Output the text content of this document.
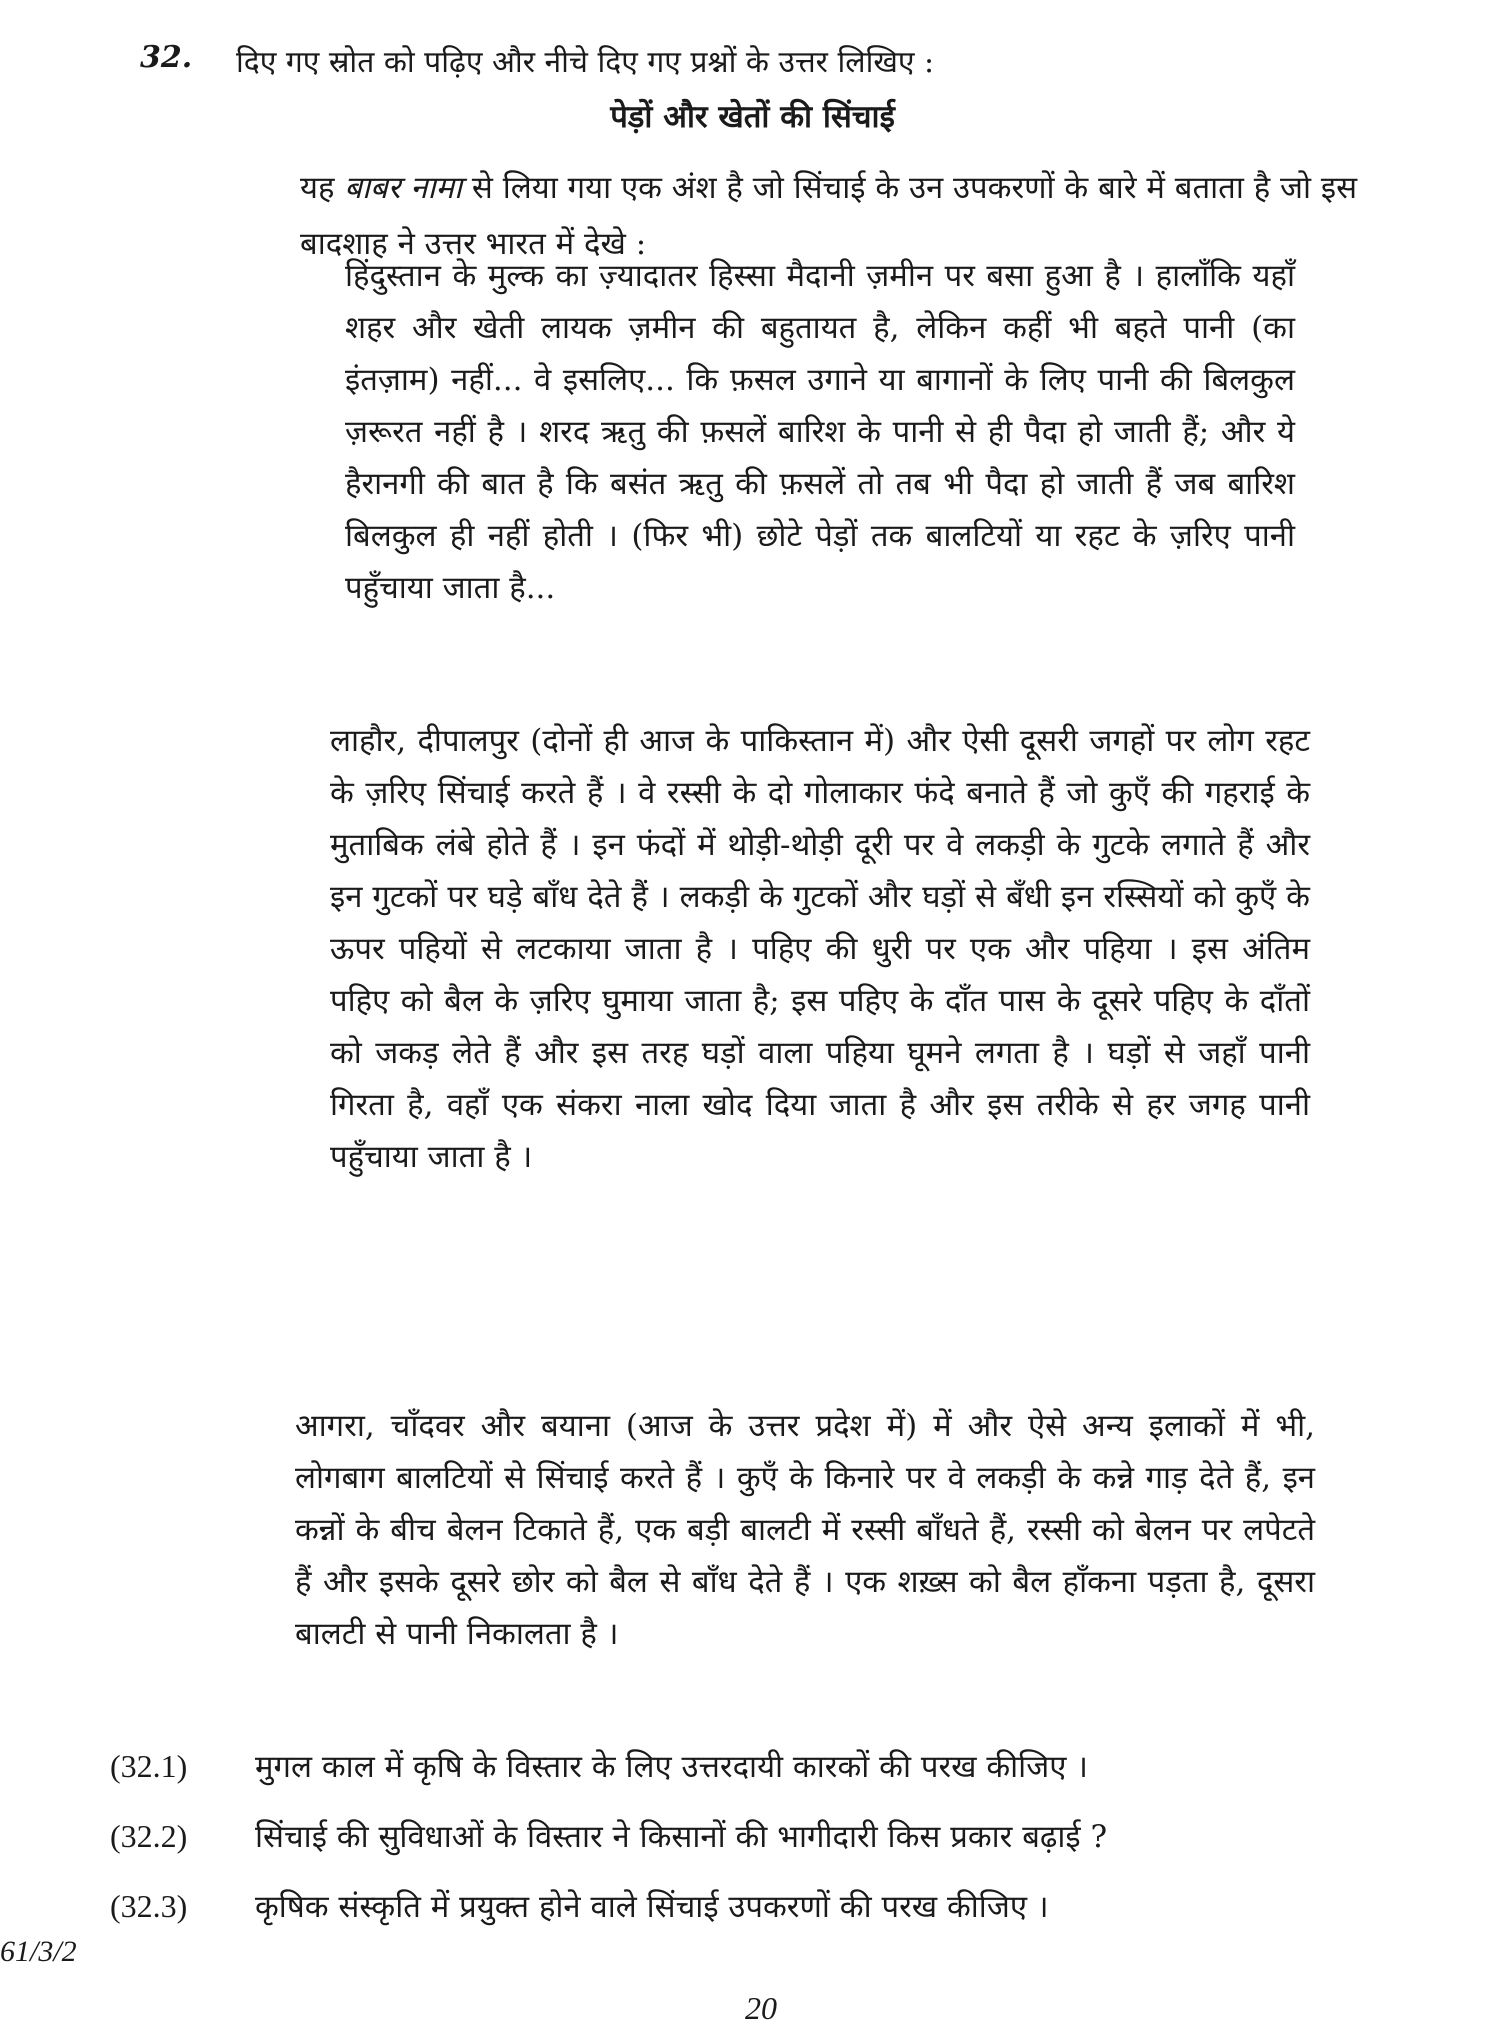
32. दिए गए स्रोत को पढ़िए और नीचे दिए गए प्रश्नों के उत्तर लिखिए :
पेड़ों और खेतों की सिंचाई
यह बाबर नामा से लिया गया एक अंश है जो सिंचाई के उन उपकरणों के बारे में बताता है जो इस बादशाह ने उत्तर भारत में देखे :
हिंदुस्तान के मुल्क का ज़्यादातर हिस्सा मैदानी ज़मीन पर बसा हुआ है । हालाँकि यहाँ शहर और खेती लायक ज़मीन की बहुतायत है, लेकिन कहीं भी बहते पानी (का इंतज़ाम) नहीं... वे इसलिए... कि फ़सल उगाने या बागानों के लिए पानी की बिलकुल ज़रूरत नहीं है । शरद ऋतु की फ़सलें बारिश के पानी से ही पैदा हो जाती हैं; और ये हैरानगी की बात है कि बसंत ऋतु की फ़सलें तो तब भी पैदा हो जाती हैं जब बारिश बिलकुल ही नहीं होती । (फिर भी) छोटे पेड़ों तक बालटियों या रहट के ज़रिए पानी पहुँचाया जाता है...
लाहौर, दीपालपुर (दोनों ही आज के पाकिस्तान में) और ऐसी दूसरी जगहों पर लोग रहट के ज़रिए सिंचाई करते हैं । वे रस्सी के दो गोलाकार फंदे बनाते हैं जो कुएँ की गहराई के मुताबिक लंबे होते हैं । इन फंदों में थोड़ी-थोड़ी दूरी पर वे लकड़ी के गुटके लगाते हैं और इन गुटकों पर घड़े बाँध देते हैं । लकड़ी के गुटकों और घड़ों से बँधी इन रस्सियों को कुएँ के ऊपर पहियों से लटकाया जाता है । पहिए की धुरी पर एक और पहिया । इस अंतिम पहिए को बैल के ज़रिए घुमाया जाता है; इस पहिए के दाँत पास के दूसरे पहिए के दाँतों को जकड़ लेते हैं और इस तरह घड़ों वाला पहिया घूमने लगता है । घड़ों से जहाँ पानी गिरता है, वहाँ एक संकरा नाला खोद दिया जाता है और इस तरीके से हर जगह पानी पहुँचाया जाता है ।
आगरा, चाँदवर और बयाना (आज के उत्तर प्रदेश में) में और ऐसे अन्य इलाकों में भी, लोगबाग बालटियों से सिंचाई करते हैं । कुएँ के किनारे पर वे लकड़ी के कन्ने गाड़ देते हैं, इन कन्नों के बीच बेलन टिकाते हैं, एक बड़ी बालटी में रस्सी बाँधते हैं, रस्सी को बेलन पर लपेटते हैं और इसके दूसरे छोर को बैल से बाँध देते हैं । एक शख़्स को बैल हाँकना पड़ता है, दूसरा बालटी से पानी निकालता है ।
(32.1) मुगल काल में कृषि के विस्तार के लिए उत्तरदायी कारकों की परख कीजिए ।
(32.2) सिंचाई की सुविधाओं के विस्तार ने किसानों की भागीदारी किस प्रकार बढ़ाई ?
(32.3) कृषिक संस्कृति में प्रयुक्त होने वाले सिंचाई उपकरणों की परख कीजिए ।
61/3/2
20
